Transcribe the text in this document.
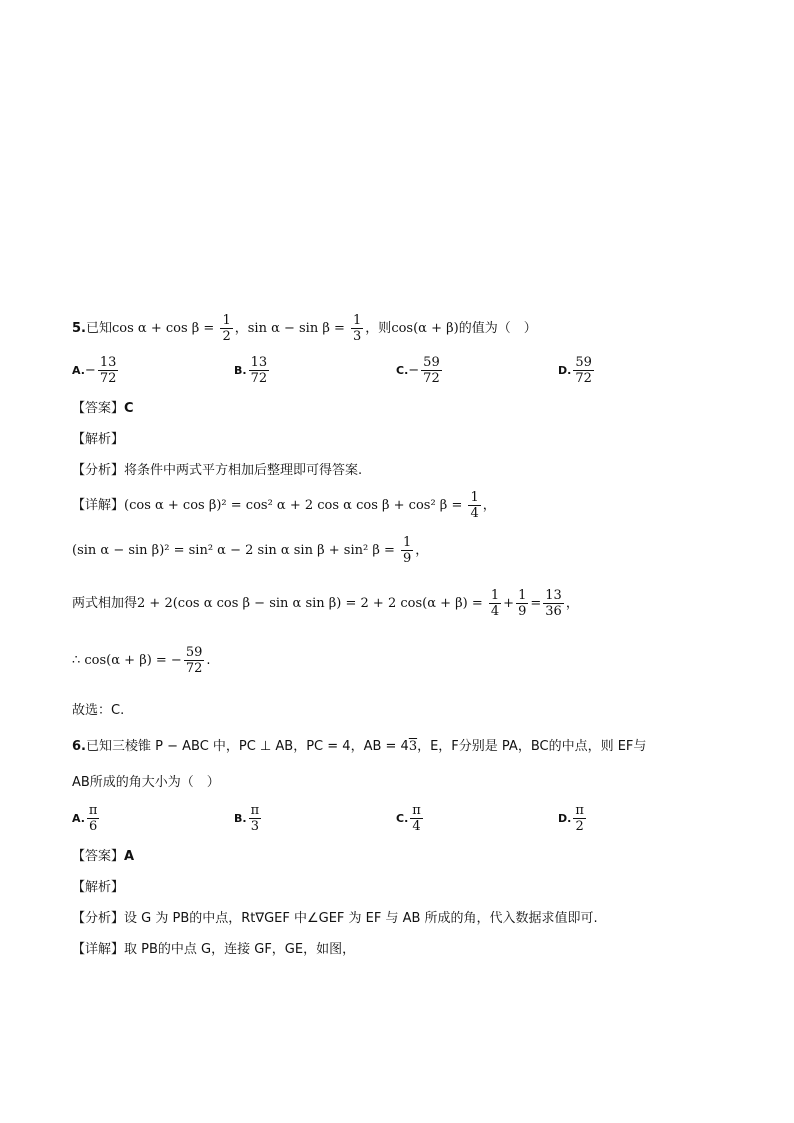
5.已知$\cos \alpha + \cos \beta = \frac{1}{2}$ ，$\sin \alpha - \sin \beta = \frac{1}{3}$ ，则cos(α + β)的值为（　）
$A.- \frac{13}{72}$	B. $\frac{13}{72}$	$C.- \frac{59}{72}$	D. $\frac{59}{72}$
【答案】C
【解析】
【分析】将条件中两式平方相加后整理即可得答案.
【详解】(cos α + cos β)² = cos² α + 2 cos α cos β + cos² $\beta = \frac{1}{4}$ ，
(sin α − sin β)² = sin² α − 2 sin α sin β + sin² $\beta = \frac{1}{9}$ ，
两式相加得2 + 2(cos α cos β − sin α sin β) = 2 + 2 $\cos(\alpha + \beta) = \frac{1}{4} + \frac{1}{9} = \frac{13}{36}$ ，
∴ cos(α + β) = − $\frac{59}{72}$ .
故选：C.
6.已知三棱锥 P − ABC 中，PC ⊥ AB，PC = 4，AB = 43，E，F分别是 PA，BC的中点，则 EF与
AB所成的角大小为（　）
A. $\frac{\pi}{6}$	B. $\frac{\pi}{3}$	C. $\frac{\pi}{4}$	D. $\frac{\pi}{2}$
【答案】A
【解析】
【分析】设 G 为 PB的中点，Rt∇GEF 中∠GEF 为 EF 与 AB 所成的角，代入数据求值即可.
【详解】取 PB的中点 G，连接 GF，GE，如图，
